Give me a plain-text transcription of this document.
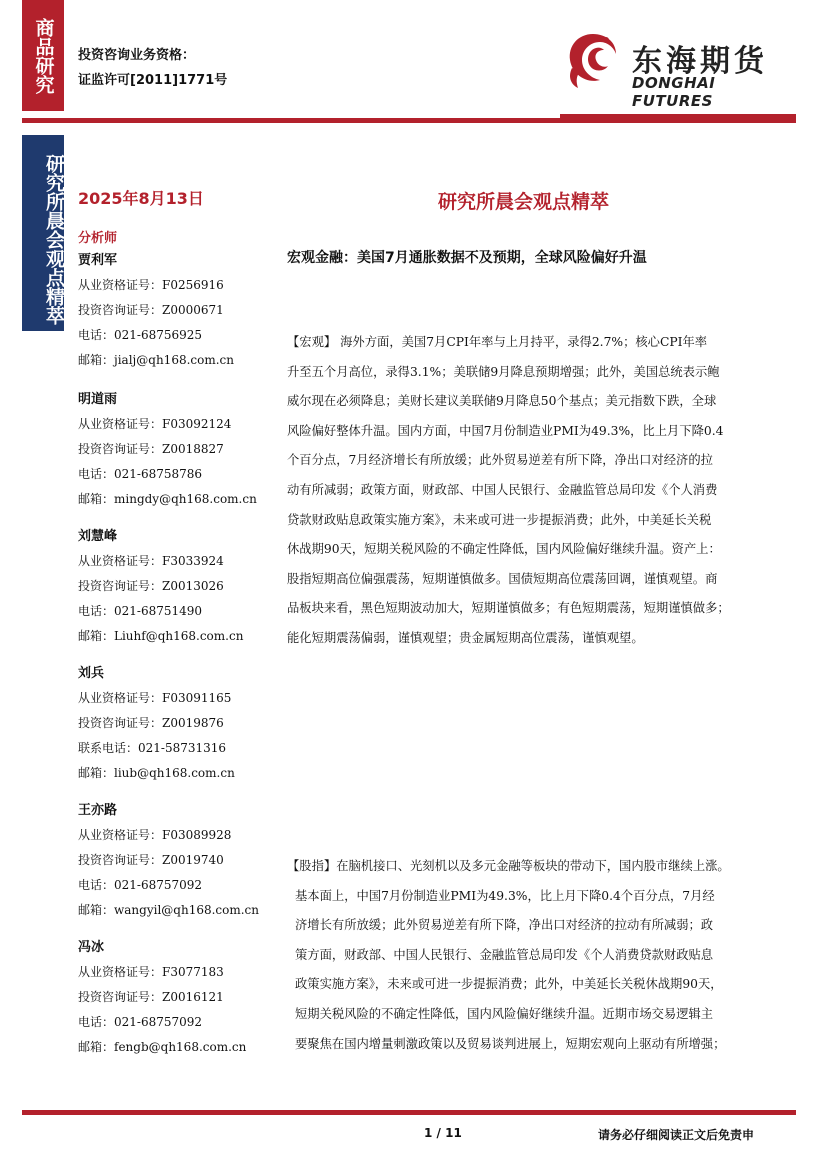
商品研究
研究所晨会观点精萃
投资咨询业务资格：
证监许可[2011]1771号
东海期货
DONGHAI FUTURES
2025年8月13日	研究所晨会观点精萃
分析师
贾利军
从业资格证号：F0256916
投资咨询证号：Z0000671
电话：021-68756925
邮箱：jialj@qh168.com.cn
明道雨
从业资格证号：F03092124
投资咨询证号：Z0018827
电话：021-68758786
邮箱：mingdy@qh168.com.cn
刘慧峰
从业资格证号：F3033924
投资咨询证号：Z0013026
电话：021-68751490
邮箱：Liuhf@qh168.com.cn
刘兵
从业资格证号：F03091165
投资咨询证号：Z0019876
联系电话：021-58731316
邮箱：liub@qh168.com.cn
王亦路
从业资格证号：F03089928
投资咨询证号：Z0019740
电话：021-68757092
邮箱：wangyil@qh168.com.cn
冯冰
从业资格证号：F3077183
投资咨询证号：Z0016121
电话：021-68757092
邮箱：fengb@qh168.com.cn
宏观金融：美国7月通胀数据不及预期，全球风险偏好升温
【宏观】 海外方面，美国7月CPI年率与上月持平，录得2.7%；核心CPI年率
升至五个月高位，录得3.1%；美联储9月降息预期增强；此外，美国总统表示鲍
威尔现在必须降息；美财长建议美联储9月降息50个基点；美元指数下跌，全球
风险偏好整体升温。国内方面，中国7月份制造业PMI为49.3%，比上月下降0.4
个百分点，7月经济增长有所放缓；此外贸易逆差有所下降，净出口对经济的拉
动有所减弱；政策方面，财政部、中国人民银行、金融监管总局印发《个人消费
贷款财政贴息政策实施方案》，未来或可进一步提振消费；此外，中美延长关税
休战期90天，短期关税风险的不确定性降低，国内风险偏好继续升温。资产上：
股指短期高位偏强震荡，短期谨慎做多。国债短期高位震荡回调，谨慎观望。商
品板块来看，黑色短期波动加大，短期谨慎做多；有色短期震荡，短期谨慎做多；
能化短期震荡偏弱，谨慎观望；贵金属短期高位震荡，谨慎观望。
【股指】在脑机接口、光刻机以及多元金融等板块的带动下，国内股市继续上涨。
基本面上，中国7月份制造业PMI为49.3%，比上月下降0.4个百分点，7月经
济增长有所放缓；此外贸易逆差有所下降，净出口对经济的拉动有所减弱；政
策方面，财政部、中国人民银行、金融监管总局印发《个人消费贷款财政贴息
政策实施方案》，未来或可进一步提振消费；此外，中美延长关税休战期90天，
短期关税风险的不确定性降低，国内风险偏好继续升温。近期市场交易逻辑主
要聚焦在国内增量刺激政策以及贸易谈判进展上，短期宏观向上驱动有所增强；
1 / 11	请务必仔细阅读正文后免责申
